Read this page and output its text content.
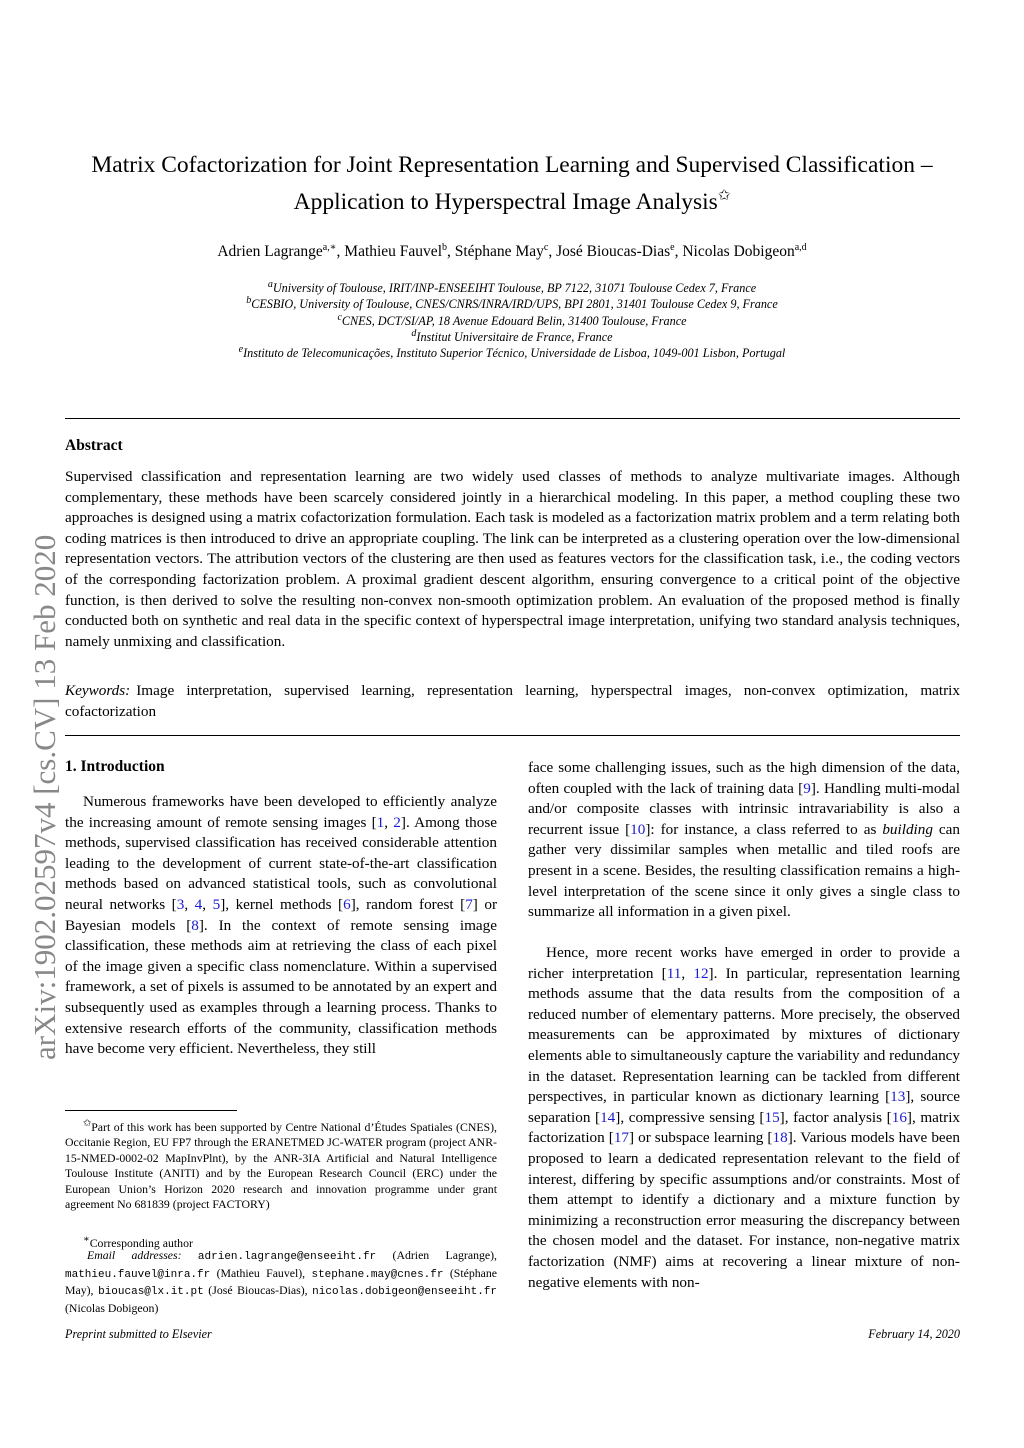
Matrix Cofactorization for Joint Representation Learning and Supervised Classification –
Application to Hyperspectral Image Analysis✩
Adrien Lagrange$^{a,∗}$, Mathieu Fauvel$^b$, Stéphane May$^c$, José Bioucas-Dias$^e$, Nicolas Dobigeon$^{a,d}$
$^a$University of Toulouse, IRIT/INP-ENSEEIHT Toulouse, BP 7122, 31071 Toulouse Cedex 7, France
$^b$CESBIO, University of Toulouse, CNES/CNRS/INRA/IRD/UPS, BPI 2801, 31401 Toulouse Cedex 9, France
$^c$CNES, DCT/SI/AP, 18 Avenue Edouard Belin, 31400 Toulouse, France
$^d$Institut Universitaire de France, France
$^e$Instituto de Telecomunicações, Instituto Superior Técnico, Universidade de Lisboa, 1049-001 Lisbon, Portugal
Abstract
Supervised classification and representation learning are two widely used classes of methods to analyze multivariate images. Although complementary, these methods have been scarcely considered jointly in a hierarchical modeling. In this paper, a method coupling these two approaches is designed using a matrix cofactorization formulation. Each task is modeled as a factorization matrix problem and a term relating both coding matrices is then introduced to drive an appropriate coupling. The link can be interpreted as a clustering operation over the low-dimensional representation vectors. The attribution vectors of the clustering are then used as features vectors for the classification task, i.e., the coding vectors of the corresponding factorization problem. A proximal gradient descent algorithm, ensuring convergence to a critical point of the objective function, is then derived to solve the resulting non-convex non-smooth optimization problem. An evaluation of the proposed method is finally conducted both on synthetic and real data in the specific context of hyperspectral image interpretation, unifying two standard analysis techniques, namely unmixing and classification.
Keywords: Image interpretation, supervised learning, representation learning, hyperspectral images, non-convex optimization, matrix cofactorization
arXiv:1902.02597v4 [cs.CV] 13 Feb 2020 1. Introduction
Numerous frameworks have been developed to efficiently analyze the increasing amount of remote sensing images [1, 2]. Among those methods, supervised classification has received considerable attention leading to the development of current state-of-the-art classification methods based on advanced statistical tools, such as convolutional neural networks [3, 4, 5], kernel methods [6], random forest [7] or Bayesian models [8]. In the context of remote sensing image classification, these methods aim at retrieving the class of each pixel of the image given a specific class nomenclature. Within a supervised framework, a set of pixels is assumed to be annotated by an expert and subsequently used as examples through a learning process. Thanks to extensive research efforts of the community, classification methods have become very efficient. Nevertheless, they still
face some challenging issues, such as the high dimension of the data, often coupled with the lack of training data [9]. Handling multi-modal and/or composite classes with intrinsic intravariability is also a recurrent issue [10]: for instance, a class referred to as building can gather very dissimilar samples when metallic and tiled roofs are present in a scene. Besides, the resulting classification remains a high-level interpretation of the scene since it only gives a single class to summarize all information in a given pixel.
Hence, more recent works have emerged in order to provide a richer interpretation [11, 12]. In particular, representation learning methods assume that the data results from the composition of a reduced number of elementary patterns. More precisely, the observed measurements can be approximated by mixtures of dictionary elements able to simultaneously capture the variability and redundancy in the dataset. Representation learning can be tackled from different perspectives, in particular known as dictionary learning [13], source separation [14], compressive sensing [15], factor analysis [16], matrix factorization [17] or subspace learning [18]. Various models have been proposed to learn a dedicated representation relevant to the field of interest, differing by specific assumptions and/or constraints. Most of them attempt to identify a dictionary and a mixture function by minimizing a reconstruction error measuring the discrepancy between the chosen model and the dataset. For instance, non-negative matrix factorization (NMF) aims at recovering a linear mixture of non-negative elements with non-
✩Part of this work has been supported by Centre National d’Études Spatiales (CNES), Occitanie Region, EU FP7 through the ERANETMED JC-WATER program (project ANR-15-NMED-0002-02 MapInvPlnt), by the ANR-3IA Artificial and Natural Intelligence Toulouse Institute (ANITI) and by the European Research Council (ERC) under the European Union’s Horizon 2020 research and innovation programme under grant agreement No 681839 (project FACTORY)
∗Corresponding author
Email addresses: adrien.lagrange@enseeiht.fr (Adrien Lagrange), mathieu.fauvel@inra.fr (Mathieu Fauvel), stephane.may@cnes.fr (Stéphane May), bioucas@lx.it.pt (José Bioucas-Dias), nicolas.dobigeon@enseeiht.fr (Nicolas Dobigeon)
Preprint submitted to Elsevier	February 14, 2020
